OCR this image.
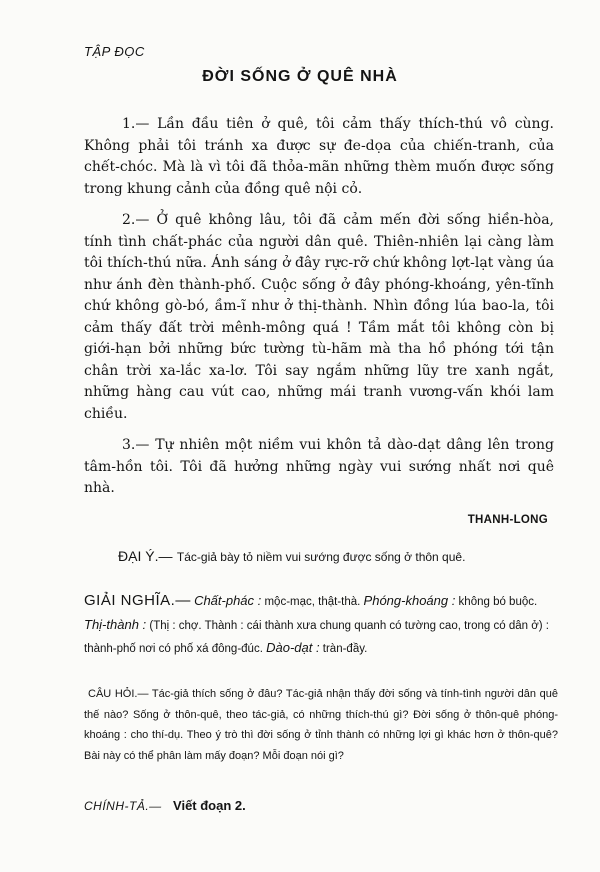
TẬP ĐỌC
ĐỜI SỐNG Ở QUÊ NHÀ

1.— Lần đầu tiên ở quê, tôi cảm thấy thích-thú vô cùng. Không phải tôi tránh xa được sự đe-dọa của chiến-tranh, của chết-chóc. Mà là vì tôi đã thỏa-mãn những thèm muốn được sống trong khung cảnh của đồng quê nội cỏ.

2.— Ở quê không lâu, tôi đã cảm mến đời sống hiền-hòa, tính tình chất-phác của người dân quê. Thiên-nhiên lại càng làm tôi thích-thú nữa. Ánh sáng ở đây rực-rỡ chứ không lợt-lạt vàng úa như ánh đèn thành-phố. Cuộc sống ở đây phóng-khoáng, yên-tĩnh chứ không gò-bó, ầm-ĩ như ở thị-thành. Nhìn đồng lúa bao-la, tôi cảm thấy đất trời mênh-mông quá ! Tầm mắt tôi không còn bị giới-hạn bởi những bức tường tù-hãm mà tha hồ phóng tới tận chân trời xa-lắc xa-lơ. Tôi say ngắm những lũy tre xanh ngắt, những hàng cau vút cao, những mái tranh vương-vấn khói lam chiều.

3.— Tự nhiên một niềm vui khôn tả dào-dạt dâng lên trong tâm-hồn tôi. Tôi đã hưởng những ngày vui sướng nhất nơi quê nhà.

THANH-LONG
ĐẠI Ý.— Tác-giả bày tỏ niềm vui sướng được sống ở thôn quê.
GIẢI NGHĨA.— Chất-phác : mộc-mạc, thật-thà. Phóng-khoáng : không bó buộc. Thị-thành : (Thị : chợ. Thành : cái thành xưa chung quanh có tường cao, trong có dân ở) : thành-phố nơi có phố xá đông-đúc. Dào-dạt : tràn-đầy.
CÂU HỎI.— Tác-giả thích sống ở đâu? Tác-giả nhận thấy đời sống và tính-tình người dân quê thế nào? Sống ở thôn-quê, theo tác-giả, có những thích-thú gì? Đời sống ở thôn-quê phóng-khoáng : cho thí-dụ. Theo ý trò thì đời sống ở tỉnh thành có những lợi gì khác hơn ở thôn-quê? Bài này có thể phân làm mấy đoạn? Mỗi đoạn nói gì?
CHÍNH-TẢ.— Viết đoạn 2.
